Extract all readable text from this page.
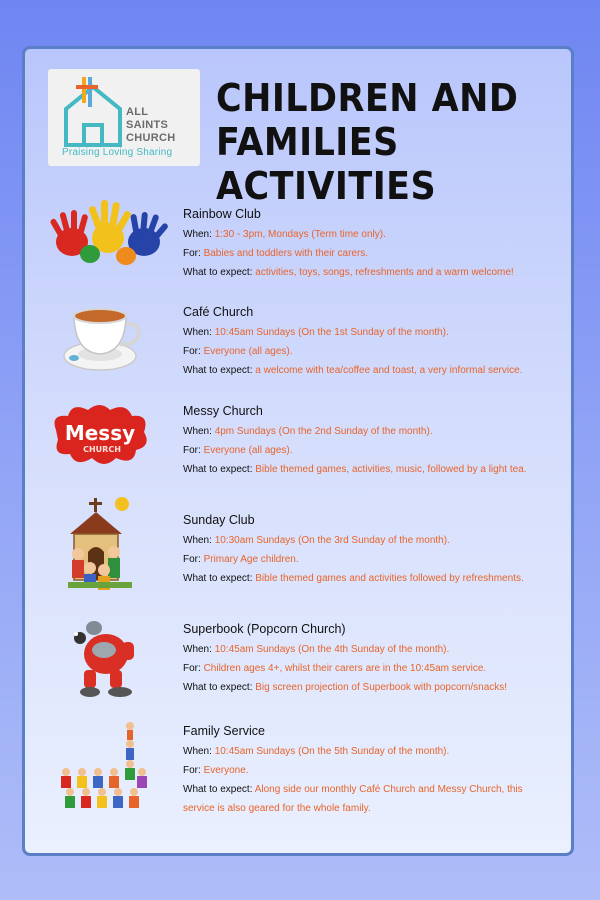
ALL
SAINTS
CHURCH
Praising Loving Sharing
CHILDREN AND
FAMILIES ACTIVITIES
Messy
CHURCH
Rainbow Club
When: 1:30 - 3pm, Mondays (Term time only).
For: Babies and toddlers with their carers.
What to expect: activities, toys, songs, refreshments and a warm welcome!
Café Church
When: 10:45am Sundays (On the 1st Sunday of the month).
For: Everyone (all ages).
What to expect: a welcome with tea/coffee and toast, a very informal service.
Messy Church
When: 4pm Sundays (On the 2nd Sunday of the month).
For: Everyone (all ages).
What to expect: Bible themed games, activities, music, followed by a light tea.
Sunday Club
When: 10:30am Sundays (On the 3rd Sunday of the month).
For: Primary Age children.
What to expect: Bible themed games and activities followed by refreshments.
Superbook (Popcorn Church)
When: 10:45am Sundays (On the 4th Sunday of the month).
For: Children ages 4+, whilst their carers are in the 10:45am service.
What to expect: Big screen projection of Superbook with popcorn/snacks!
Family Service
When: 10:45am Sundays (On the 5th Sunday of the month).
For: Everyone.
What to expect: Along side our monthly Café Church and Messy Church, this service is also geared for the whole family.
